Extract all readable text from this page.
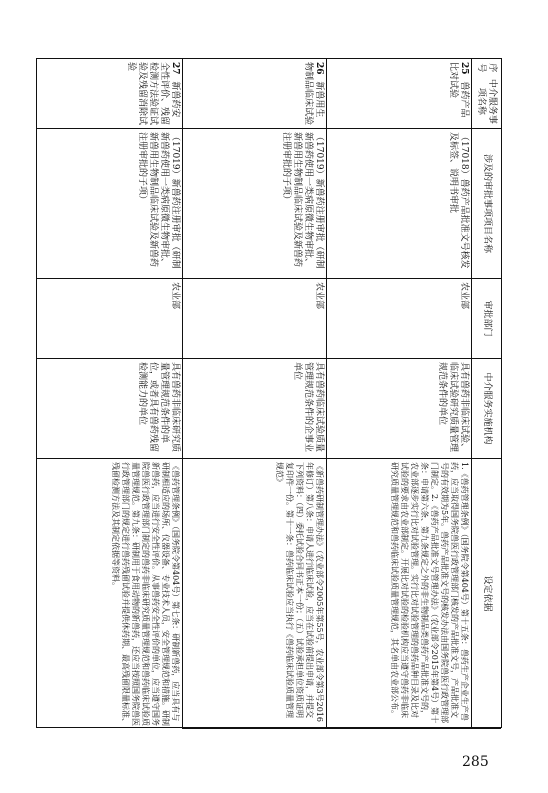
序号
中介服务事项名称
涉及的审批事项项目名称
审批部门
中介服务实施机构
设定依据
25 兽药产品比对试验
（17018）兽药产品批准文号核发及标签、说明书审批
农业部
具有兽药非临床试验、临床试验研究质量管理规范条件的单位
1.《兽药管理条例》（国务院令第404号）第十五条：兽药生产企业生产兽药，应当取得国务院兽医行政管理部门核发的产品批准文号，产品批准文号的有效期为5年。兽药产品批准文号的核发办法由国务院兽医行政管理部门制定。2.《兽药产品批准文号管理办法》（农业部令2015年第4号）第十条：申请第六条、第九条规定之外的非生物制品类兽药产品批准文号的，农业部逐步实行比对试验管理。实行比对试验管理的兽药品种目录及比对试验的要求由农业部制定。开展比对试验的检验机构应当遵守兽药非临床研究质量管理规范和兽药临床试验质量管理规范，其名单由农业部公布。
26 新兽用生物制品临床试验
（17019）新兽药注册审批（研制新兽药使用一类病原微生物审批、新兽用生物制品临床试验及新兽药注册审批的子项）
农业部
具有兽药临床试验质量管理规范条件的企事业单位
《新兽药研制管理办法》（农业部令2005年第55号，农业部令第3号2016年修订）第八条：申请人进行临床试验，应当在试验前提出申请，并提交下列资料：（四）委托试验合同书正本一份；（五）试验承担单位资质证明复印件一份。第十一条：兽药临床试验应当执行《兽药临床试验质量管理规范》
27 新兽药安全性评价、残留检测方法验证试验及残留消除试验
（17019）新兽药注册审批（研制新兽药使用一类病原微生物审批、新兽用生物制品临床试验及新兽药注册审批的子项）
农业部
具有兽药非临床研究质量管理规范条件的单位，或者具有兽药残留检测能力的单位
《兽药管理条例》（国务院令第404号）第七条：研制新兽药，应当具有与研制相适应的场所、仪器设备、专业技术人员，安全管理规范和措施。研制新兽药，应当进行安全性评价。从事兽药安全性评价的单位，应当遵守国务院兽医行政管理部门制定的兽药非临床研究质量管理规范和兽药临床试验质量管理规范。第九条：研制用于食用动物的新兽药，还应当按照国务院兽医行政管理部门的规定进行兽药残留试验并提供休药期、最高残留限量标准、残留检测方法及其制定依据等资料。
285
